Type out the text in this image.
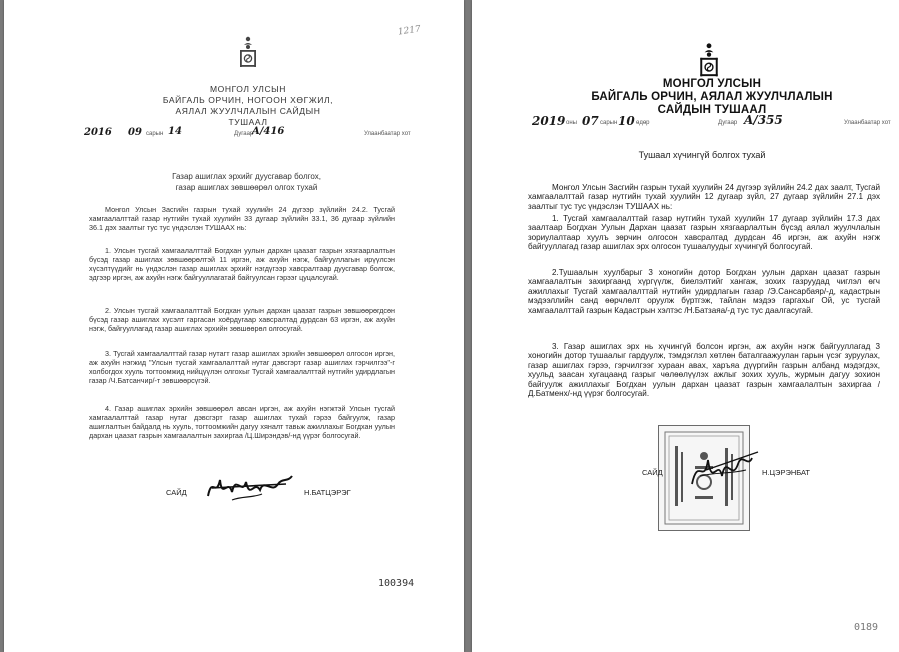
1217
МОНГОЛ УЛСЫН
БАЙГАЛЬ ОРЧИН, НОГООН ХӨГЖИЛ,
АЯЛАЛ ЖУУЛЧЛАЛЫН САЙДЫН
ТУШААЛ
2016 09 сарын 14	Дугаар
A/416	Улаанбаатар хот
Газар ашиглах эрхийг дуусгавар болгох,
газар ашиглах зөвшөөрөл олгох тухай

Монгол Улсын Засгийн газрын тухай хуулийн 24 дүгээр зүйлийн 24.2. Тусгай хамгаалалттай газар нутгийн тухай хуулийн 33 дугаар зүйлийн 33.1, 36 дугаар зүйлийн 36.1 дэх заалтыг тус тус үндэслэн ТУШААХ нь:

1. Улсын тусгай хамгаалалттай Богдхан уулын дархан цаазат газрын хязгаарлалтын бүсэд газар ашиглах зөвшөөрөлтэй 11 иргэн, аж ахуйн нэгж, байгууллагын ирүүлсэн хүсэлтүүдийг нь үндэслэн газар ашиглах эрхийг нэгдүгээр хавсралтаар дуусгавар болгож, эдгээр иргэн, аж ахуйн нэгж байгууллагатай байгуулсан гэрээг цуцалсугай.

2. Улсын тусгай хамгаалалттай Богдхан уулын дархан цаазат газрын зөвшөөрөгдсөн бүсэд газар ашиглах хүсэлт гаргасан хоёрдугаар хавсралтад дурдсан 63 иргэн, аж ахуйн нэгж, байгууллагад газар ашиглах эрхийн зөвшөөрөл олгосугай.

3. Тусгай хамгаалалттай газар нутагт газар ашиглах эрхийн зөвшөөрөл олгосон иргэн, аж ахуйн нэгжид "Улсын тусгай хамгаалалттай нутаг дэвсгэрт газар ашиглах гэрчилгээ"-г холбогдох хууль тогтоомжид нийцүүлэн олгохыг Тусгай хамгаалалттай нутгийн удирдлагын газар /Ч.Батсанчир/-т зөвшөөрсүгэй.

4. Газар ашиглах эрхийн зөвшөөрөл авсан иргэн, аж ахуйн нэгжтэй Улсын тусгай хамгаалалттай газар нутаг дэвсгэрт газар ашиглах тухай гэрээ байгуулж, газар ашиглалтын байдалд нь хууль, тогтоомжийн дагуу хяналт тавьж ажиллахыг Богдхан уулын дархан цаазат газрын хамгаалалтын захиргаа /Ц.Ширэндэв/-нд үүрэг болгосугай.

САЙД	Н.БАТЦЭРЭГ
100394
МОНГОЛ УЛСЫН
БАЙГАЛЬ ОРЧИН, АЯЛАЛ ЖУУЛЧЛАЛЫН
САЙДЫН ТУШААЛ
2019 оны 07 сарын 10 өдөр	Дугаар A/355	Улаанбаатар хот
Тушаал хүчингүй болгох тухай

Монгол Улсын Засгийн газрын тухай хуулийн 24 дүгээр зүйлийн 24.2 дах заалт, Тусгай хамгаалалттай газар нутгийн тухай хуулийн 12 дугаар зүйл, 27 дугаар зүйлийн 27.1 дэх заалтыг тус тус үндэслэн ТУШААХ нь:

1. Тусгай хамгаалалттай газар нутгийн тухай хуулийн 17 дугаар зүйлийн 17.3 дах заалтаар Богдхан Уулын Дархан цаазат газрын хязгаарлалтын бүсэд аялал жуулчлалын зориулалтаар хуулъ зөрчин олгосон хавсралтад дурдсан 46 иргэн, аж ахуйн нэгж байгууллагад газар ашиглах эрх олгосон тушаалуудыг хүчингүй болгосугай.

2.Тушаалын хуулбарыг 3 хоногийн дотор Богдхан уулын дархан цаазат газрын хамгаалалтын захиргаанд хүргүүлж, биелэлтийг хангаж, зохих газруудад чиглэл өгч ажиллахыг Тусгай хамгаалалттай нутгийн удирдлагын газар /Э.Сансарбаяр/-д, кадастрын мэдээллийн санд өөрчлөлт оруулж бүртгэж, тайлан мэдээ гаргахыг Ой, ус тусгай хамгаалалттай газрын Кадастрын хэлтэс /Н.Батзаяа/-д тус тус даалгасугай.

3. Газар ашиглах эрх нь хүчингүй болсон иргэн, аж ахуйн нэгж байгууллагад 3 хоногийн дотор тушаалыг гардуулж, тэмдэглэл хөтлөн баталгаажуулан гарын үсэг зуруулах, газар ашиглах гэрээ, гэрчилгээг хураан авах, харъяа дүүргийн газрын албанд мэдэгдэх, хуульд заасан хугацаанд газрыг чөлөөлүүлэх ажлыг зохих хууль, журмын дагуу зохион байгуулж ажиллахыг Богдхан уулын дархан цаазат газрын хамгаалалтын захиргаа /Д.Батменх/-нд үүрэг болгосугай.

САЙД	Н.ЦЭРЭНБАТ
0189
